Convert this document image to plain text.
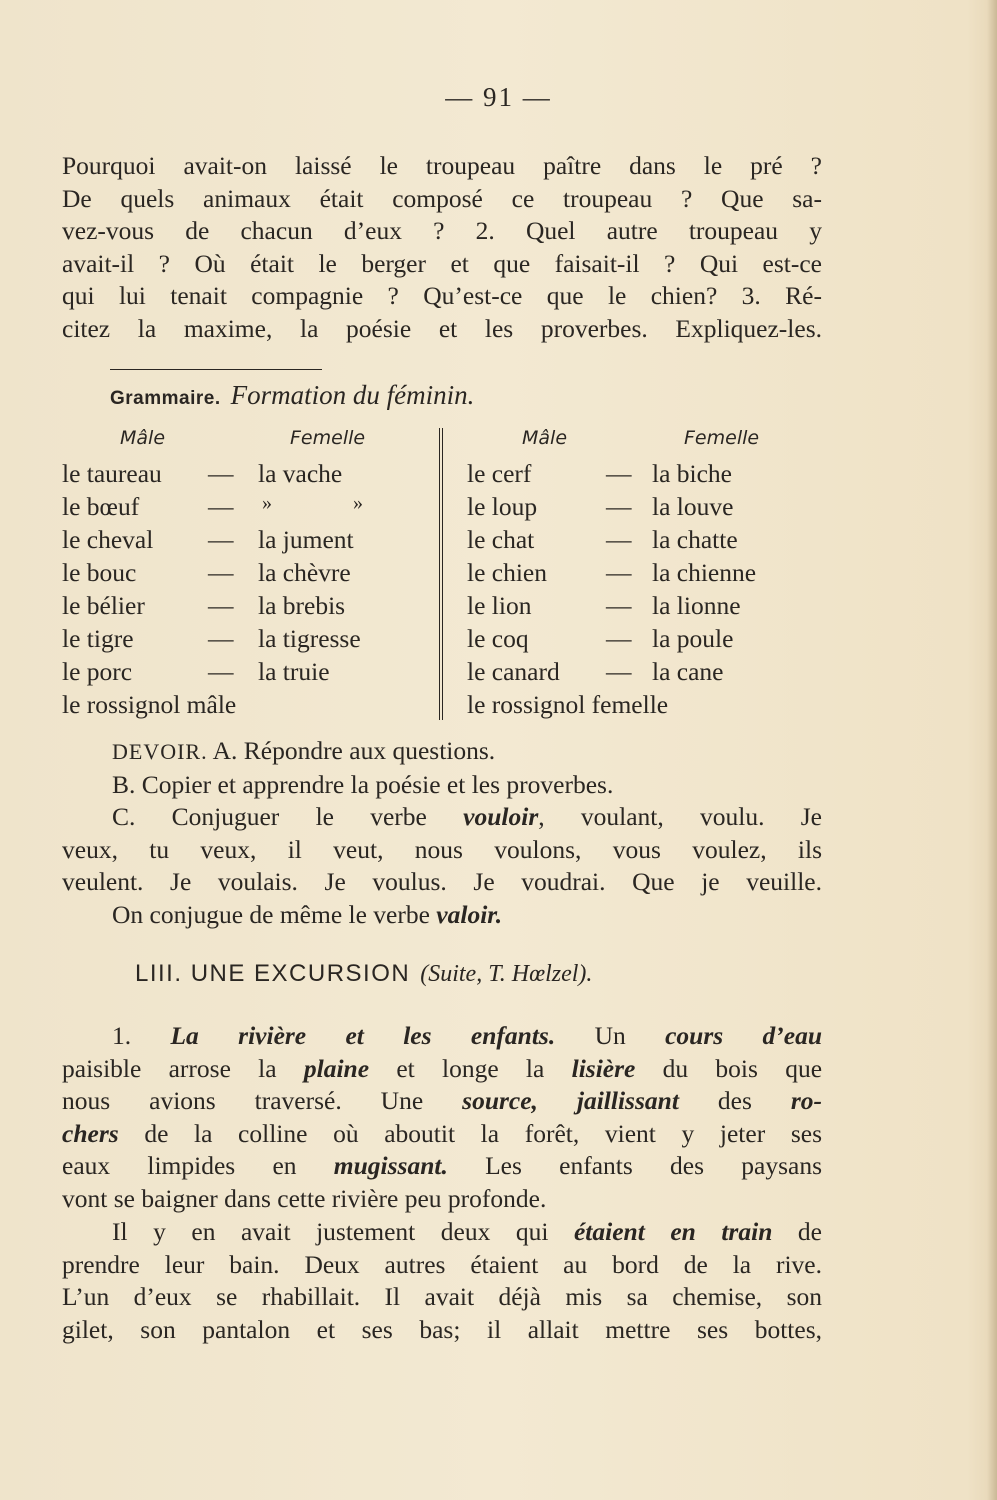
— 91 —
Pourquoi avait-on laissé le troupeau paître dans le pré ?
De quels animaux était composé ce troupeau ? Que sa-
vez-vous de chacun d’eux ? 2. Quel autre troupeau y
avait-il ? Où était le berger et que faisait-il ? Qui est-ce
qui lui tenait compagnie ? Qu’est-ce que le chien? 3. Ré-
citez la maxime, la poésie et les proverbes. Expliquez-les.
Grammaire. Formation du féminin.
Mâle	Femelle	Mâle	Femelle
le taureau — la vache
le bœuf	— »   »
le cheval — la jument
le bouc	— la chèvre
le bélier — la brebis
le tigre	— la tigresse
le porc	— la truie
le rossignol mâle
le cerf	— la biche
le loup	— la louve
le chat	— la chatte
le chien — la chienne
le lion	— la lionne
le coq	— la poule
le canard — la cane
le rossignol femelle
DEVOIR. A. Répondre aux questions.
B. Copier et apprendre la poésie et les proverbes.
C. Conjuguer le verbe vouloir, voulant, voulu. Je
veux, tu veux, il veut, nous voulons, vous voulez, ils
veulent. Je voulais. Je voulus. Je voudrai. Que je veuille.
On conjugue de même le verbe valoir.
LIII. UNE EXCURSION (Suite, T. Hœlzel).
1. La rivière et les enfants. Un cours d’eau
paisible arrose la plaine et longe la lisière du bois que
nous avions traversé. Une source, jaillissant des ro-
chers de la colline où aboutit la forêt, vient y jeter ses
eaux limpides en mugissant. Les enfants des paysans
vont se baigner dans cette rivière peu profonde.
Il y en avait justement deux qui étaient en train de
prendre leur bain. Deux autres étaient au bord de la rive.
L’un d’eux se rhabillait. Il avait déjà mis sa chemise, son
gilet, son pantalon et ses bas; il allait mettre ses bottes,
